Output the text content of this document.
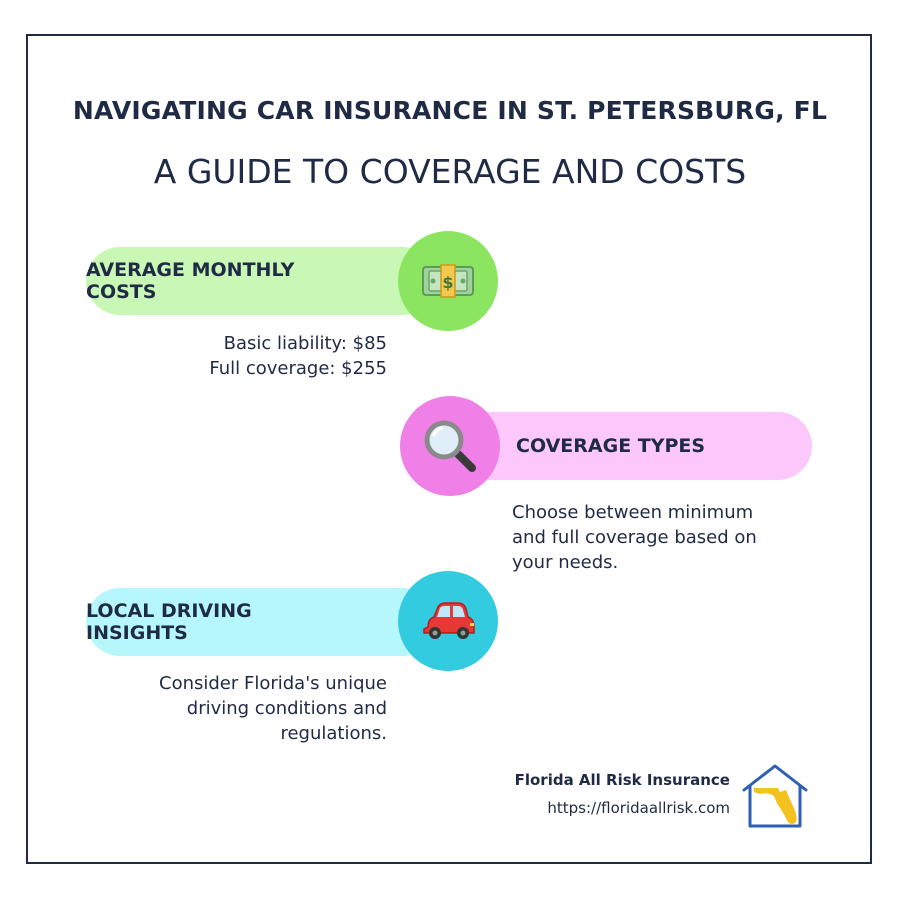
NAVIGATING CAR INSURANCE IN ST. PETERSBURG, FL
A GUIDE TO COVERAGE AND COSTS
AVERAGE MONTHLY COSTS	$
Basic liability: $85
Full coverage: $255
COVERAGE TYPES
Choose between minimum
and full coverage based on
your needs.
LOCAL DRIVING INSIGHTS
Consider Florida's unique
driving conditions and
regulations.
Florida All Risk Insurance
https://floridaallrisk.com
